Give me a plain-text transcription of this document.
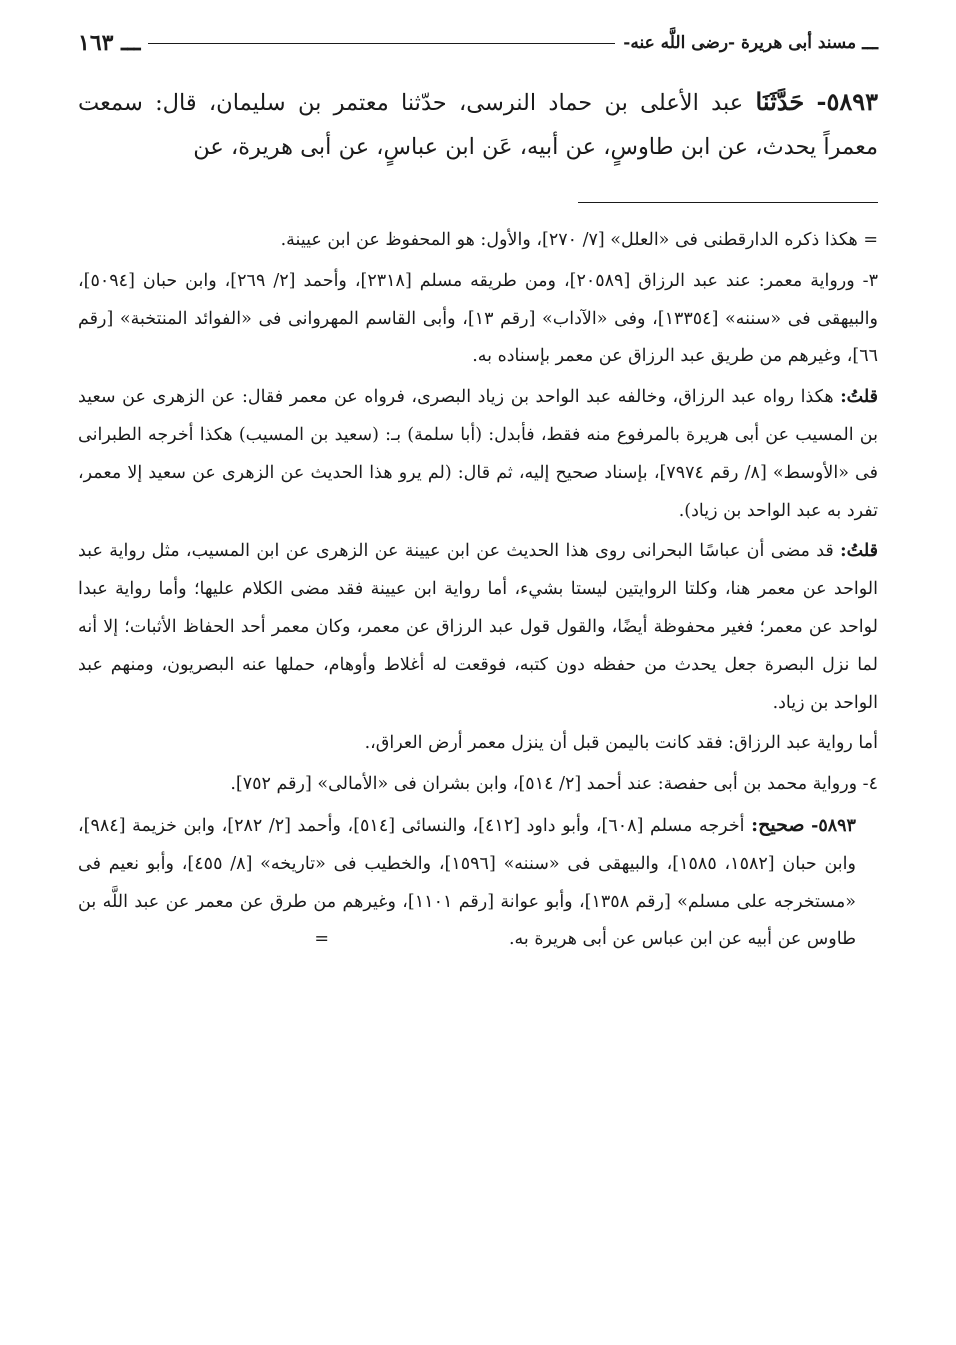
ـــ
مسند أبى هريرة -رضى اللَّه عنه-
ـــ ١٦٣
٥٨٩٣- حَدَّثَنَا عبد الأعلى بن حماد النرسى، حدّثنا معتمر بن سليمان، قال: سمعت معمراً يحدث، عن ابن طاوسٍ، عن أبيه، عَن ابن عباسٍ، عن أبى هريرة، عن

= هكذا ذكره الدارقطنى فى «العلل» [٧/ ٢٧٠]، والأول: هو المحفوظ عن ابن عيينة.

٣- ورواية معمر: عند عبد الرزاق [٢٠٥٨٩]، ومن طريقه مسلم [٢٣١٨]، وأحمد [٢/ ٢٦٩]، وابن حبان [٥٠٩٤]، والبيهقى فى «سننه» [١٣٣٥٤]، وفى «الآداب» [رقم ١٣]، وأبى القاسم المهروانى فى «الفوائد المنتخبة» [رقم ٦٦]، وغيرهم من طريق عبد الرزاق عن معمر بإسناده به.

قلتُ: هكذا رواه عبد الرزاق، وخالفه عبد الواحد بن زياد البصرى، فرواه عن معمر فقال: عن الزهرى عن سعيد بن المسيب عن أبى هريرة بالمرفوع منه فقط، فأبدل: (أبا سلمة) بـ: (سعيد بن المسيب) هكذا أخرجه الطبرانى فى «الأوسط» [٨/ رقم ٧٩٧٤]، بإسناد صحيح إليه، ثم قال: (لم يرو هذا الحديث عن الزهرى عن سعيد إلا معمر، تفرد به عبد الواحد بن زياد).

قلتُ: قد مضى أن عباسًا البحرانى روى هذا الحديث عن ابن عيينة عن الزهرى عن ابن المسيب، مثل رواية عبد الواحد عن معمر هنا، وكلتا الروايتين ليستا بشيء، أما رواية ابن عيينة فقد مضى الكلام عليها؛ وأما رواية عبدا لواحد عن معمر؛ فغير محفوظة أيضًا، والقول قول عبد الرزاق عن معمر، وكان معمر أحد الحفاظ الأثبات؛ إلا أنه لما نزل البصرة جعل يحدث من حفظه دون كتبه، فوقعت له أغلاط وأوهام، حملها عنه البصريون، ومنهم عبد الواحد بن زياد.

أما رواية عبد الرزاق: فقد كانت باليمن قبل أن ينزل معمر أرض العراق،.

٤- ورواية محمد بن أبى حفصة: عند أحمد [٢/ ٥١٤]، وابن بشران فى «الأمالى» [رقم ٧٥٢].

٥٨٩٣- صحيح: أخرجه مسلم [٦٠٨]، وأبو داود [٤١٢]، والنسائى [٥١٤]، وأحمد [٢/ ٢٨٢]، وابن خزيمة [٩٨٤]، وابن حبان [١٥٨٢، ١٥٨٥]، والبيهقى فى «سننه» [١٥٩٦]، والخطيب فى «تاريخه» [٨/ ٤٥٥]، وأبو نعيم فى «مستخرجه على مسلم» [رقم ١٣٥٨]، وأبو عوانة [رقم ١١٠١]، وغيرهم من طرق عن معمر عن عبد اللَّه بن طاوس عن أبيه عن ابن عباس عن أبى هريرة به.=
